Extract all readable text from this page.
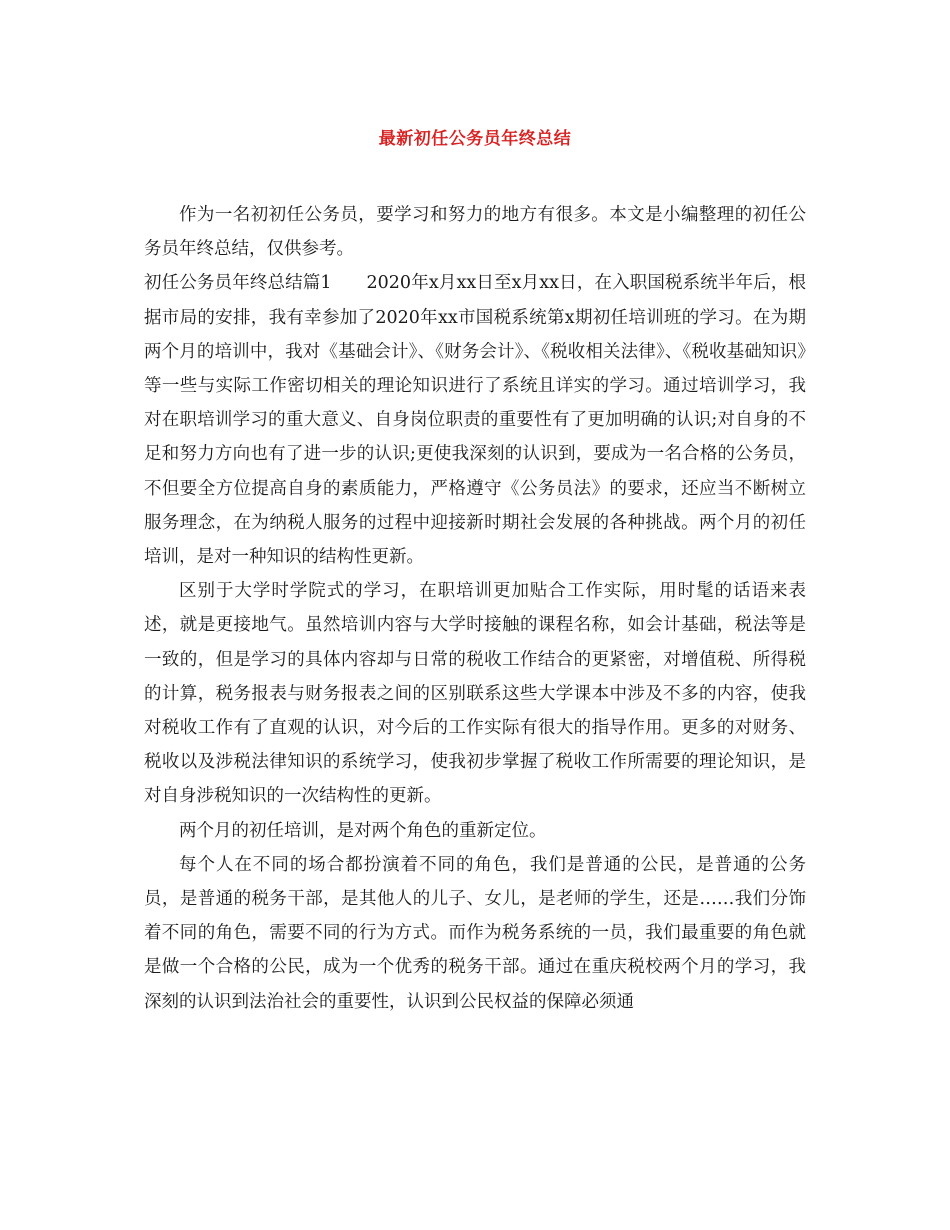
最新初任公务员年终总结

作为一名初初任公务员，要学习和努力的地方有很多。本文是小编整理的初任公务员年终总结，仅供参考。

初任公务员年终总结篇1 2020年x月xx日至x月xx日，在入职国税系统半年后，根据市局的安排，我有幸参加了2020年xx市国税系统第x期初任培训班的学习。在为期两个月的培训中，我对《基础会计》、《财务会计》、《税收相关法律》、《税收基础知识》等一些与实际工作密切相关的理论知识进行了系统且详实的学习。通过培训学习，我对在职培训学习的重大意义、自身岗位职责的重要性有了更加明确的认识;对自身的不足和努力方向也有了进一步的认识;更使我深刻的认识到，要成为一名合格的公务员，不但要全方位提高自身的素质能力，严格遵守《公务员法》的要求，还应当不断树立服务理念，在为纳税人服务的过程中迎接新时期社会发展的各种挑战。两个月的初任培训，是对一种知识的结构性更新。

区别于大学时学院式的学习，在职培训更加贴合工作实际，用时髦的话语来表述，就是更接地气。虽然培训内容与大学时接触的课程名称，如会计基础，税法等是一致的，但是学习的具体内容却与日常的税收工作结合的更紧密，对增值税、所得税的计算，税务报表与财务报表之间的区别联系这些大学课本中涉及不多的内容，使我对税收工作有了直观的认识，对今后的工作实际有很大的指导作用。更多的对财务、税收以及涉税法律知识的系统学习，使我初步掌握了税收工作所需要的理论知识，是对自身涉税知识的一次结构性的更新。

两个月的初任培训，是对两个角色的重新定位。

每个人在不同的场合都扮演着不同的角色，我们是普通的公民，是普通的公务员，是普通的税务干部，是其他人的儿子、女儿，是老师的学生，还是……我们分饰着不同的角色，需要不同的行为方式。而作为税务系统的一员，我们最重要的角色就是做一个合格的公民，成为一个优秀的税务干部。通过在重庆税校两个月的学习，我深刻的认识到法治社会的重要性，认识到公民权益的保障必须通
